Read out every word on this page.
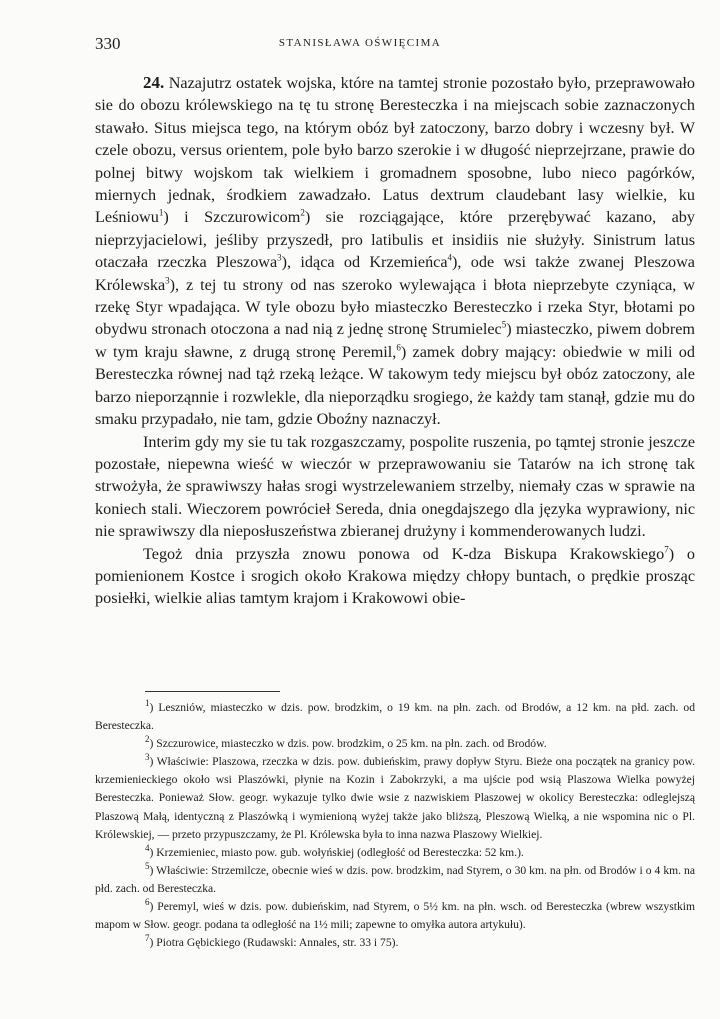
330	STANISŁAWA OŚWIĘCIMA

24. Nazajutrz ostatek wojska, które na tamtej stronie pozostało było, przeprawowało sie do obozu królewskiego na tę tu stronę Beresteczka i na miejscach sobie zaznaczonych stawało. Situs miejsca tego, na którym obóz był zatoczony, barzo dobry i wczesny był. W czele obozu, versus orientem, pole było barzo szerokie i w długość nieprzejrzane, prawie do polnej bitwy wojskom tak wielkiem i gromadnem sposobne, lubo nieco pagórków, miernych jednak, środkiem zawadzało. Latus dextrum claudebant lasy wielkie, ku Leśniowu$^1$) i Szczurowicom$^2$) sie rozciągające, które przerębywać kazano, aby nieprzyjacielowi, jeśliby przyszedł, pro latibulis et insidiis nie służyły. Sinistrum latus otaczała rzeczka Pleszowa$^3$), idąca od Krzemieńca$^4$), ode wsi także zwanej Pleszowa Królewska$^3$), z tej tu strony od nas szeroko wylewająca i błota nieprzebyte czyniąca, w rzekę Styr wpadająca. W tyle obozu było miasteczko Beresteczko i rzeka Styr, błotami po obydwu stronach otoczona a nad nią z jednę stronę Strumielec$^5$) miasteczko, piwem dobrem w tym kraju sławne, z drugą stronę Peremil,$^6$) zamek dobry mający: obiedwie w mili od Beresteczka równej nad tąż rzeką leżące. W takowym tedy miejscu był obóz zatoczony, ale barzo nieporząnnie i rozwlekle, dla nieporządku srogiego, że każdy tam stanął, gdzie mu do smaku przypadało, nie tam, gdzie Oboźny naznaczył.

Interim gdy my sie tu tak rozgaszczamy, pospolite ruszenia, po tąmtej stronie jeszcze pozostałe, niepewna wieść w wieczór w przeprawowaniu sie Tatarów na ich stronę tak strwożyła, że sprawiwszy hałas srogi wystrzelewaniem strzelby, niemały czas w sprawie na koniech stali. Wieczorem powrócieł Sereda, dnia onegdajszego dla języka wyprawiony, nic nie sprawiwszy dla nieposłuszeństwa zbieranej drużyny i kommenderowanych ludzi.

Tegoż dnia przyszła znowu ponowa od K-dza Biskupa Krakowskiego$^7$) o pomienionem Kostce i srogich około Krakowa między chłopy buntach, o prędkie prosząc posiełki, wielkie alias tamtym krajom i Krakowowi obie-

$^1$) Lesznіów, miasteczko w dzis. pow. brodzkim, o 19 km. na płn. zach. od Brodów, a 12 km. na płd. zach. od Beresteczka.

$^2$) Szczurowice, miasteczko w dzis. pow. brodzkim, o 25 km. na płn. zach. od Brodów.

$^3$) Właściwie: Plaszowa, rzeczka w dzis. pow. dubieńskim, prawy dopływ Styru. Bieże ona początek na granicy pow. krzemienieckiego około wsi Plaszówki, płynie na Kozin i Zabokrzyki, a ma ujście pod wsią Plaszowa Wielka powyżej Beresteczka. Ponieważ Słow. geogr. wykazuje tylko dwie wsie z nazwiskiem Plaszowej w okolicy Beresteczka: odleglejszą Plaszową Małą, identyczną z Plaszówką i wymienioną wyżej także jako bliższą, Pleszową Wielką, a nie wspomina nic o Pl. Królewskiej, — przeto przypuszczamy, że Pl. Królewska była to inna nazwa Plaszowy Wielkiej.

$^4$) Krzemieniec, miasto pow. gub. wołyńskiej (odległość od Beresteczka: 52 km.).

$^5$) Właściwie: Strzemilcze, obecnie wieś w dzis. pow. brodzkim, nad Styrem, o 30 km. na płn. od Brodów i o 4 km. na płd. zach. od Beresteczka.

$^6$) Peremyl, wieś w dzis. pow. dubieńskim, nad Styrem, o 5½ km. na płn. wsch. od Beresteczka (wbrew wszystkim mapom w Słow. geogr. podana ta odległość na 1½ mili; zapewne to omyłka autora artykułu).

$^7$) Piotra Gębickiego (Rudawski: Annales, str. 33 i 75).
